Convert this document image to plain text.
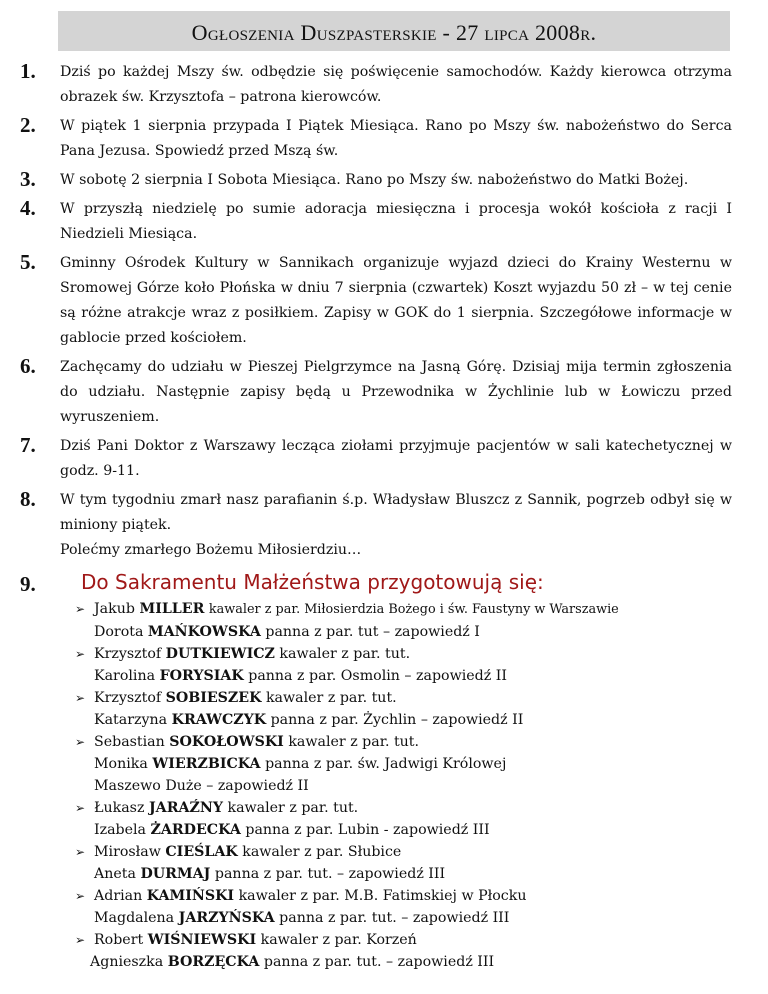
Ogłoszenia Duszpasterskie - 27 lipca 2008r.
1.	Dziś po każdej Mszy św. odbędzie się poświęcenie samochodów. Każdy kierowca otrzyma obrazek św. Krzysztofa – patrona kierowców.
2.	W piątek 1 sierpnia przypada I Piątek Miesiąca. Rano po Mszy św. nabożeństwo do Serca Pana Jezusa. Spowiedź przed Mszą św.
3.	W sobotę 2 sierpnia I Sobota Miesiąca. Rano po Mszy św. nabożeństwo do Matki Bożej.
4.	W przyszłą niedzielę po sumie adoracja miesięczna i procesja wokół kościoła z racji I Niedzieli Miesiąca.
5.	Gminny Ośrodek Kultury w Sannikach organizuje wyjazd dzieci do Krainy Westernu w Sromowej Górze koło Płońska w dniu 7 sierpnia (czwartek) Koszt wyjazdu 50 zł – w tej cenie są różne atrakcje wraz z posiłkiem. Zapisy w GOK do 1 sierpnia. Szczegółowe informacje w gablocie przed kościołem.
6.	Zachęcamy do udziału w Pieszej Pielgrzymce na Jasną Górę. Dzisiaj mija termin zgłoszenia do udziału. Następnie zapisy będą u Przewodnika w Żychlinie lub w Łowiczu przed wyruszeniem.
7.	Dziś Pani Doktor z Warszawy lecząca ziołami przyjmuje pacjentów w sali katechetycznej w godz. 9-11.
8.	W tym tygodniu zmarł nasz parafianin ś.p. Władysław Bluszcz z Sannik, pogrzeb odbył się w miniony piątek.
Polećmy zmarłego Bożemu Miłosierdziu…
9.	Do Sakramentu Małżeństwa przygotowują się:
➢ Jakub MILLER kawaler z par. Miłosierdzia Bożego i św. Faustyny w Warszawie
Dorota MAŃKOWSKA panna z par. tut – zapowiedź I
➢ Krzysztof DUTKIEWICZ kawaler z par. tut.
Karolina FORYSIAK panna z par. Osmolin – zapowiedź II
➢ Krzysztof SOBIESZEK kawaler z par. tut.
Katarzyna KRAWCZYK panna z par. Żychlin – zapowiedź II
➢ Sebastian SOKOŁOWSKI kawaler z par. tut.
Monika WIERZBICKA panna z par. św. Jadwigi Królowej
Maszewo Duże – zapowiedź II
➢ Łukasz JARAŹNY kawaler z par. tut.
Izabela ŻARDECKA panna z par. Lubin - zapowiedź III
➢ Mirosław CIEŚLAK kawaler z par. Słubice
Aneta DURMAJ panna z par. tut. – zapowiedź III
➢ Adrian KAMIŃSKI kawaler z par. M.B. Fatimskiej w Płocku
Magdalena JARZYŃSKA panna z par. tut. – zapowiedź III
➢ Robert WIŚNIEWSKI kawaler z par. Korzeń
Agnieszka BORZĘCKA panna z par. tut. – zapowiedź III
